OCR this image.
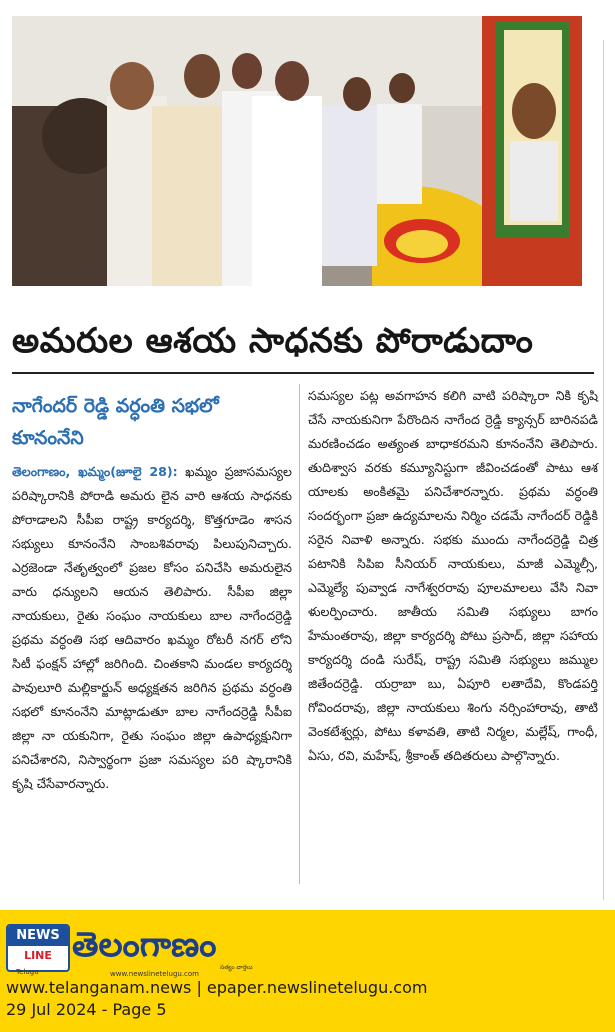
అమరుల ఆశయ సాధనకు పోరాడుదాం
నాగేందర్ రెడ్డి వర్ధంతి సభలో కూనంనేని

తెలంగాణం, ఖమ్మం(జూలై 28): ఖమ్మం ప్రజాసమస్యల పరిష్కారానికి పోరాడి అమరు లైన వారి ఆశయ సాధనకు పోరాడాలని సీపీఐ రాష్ట్ర కార్యదర్శి, కొత్తగూడెం శాసన సభ్యులు కూనంనేని సాంబశివరావు పిలుపునిచ్చారు. ఎర్రజెండా నేతృత్వంలో ప్రజల కోసం పనిచేసి అమరులైన వారు ధన్యులని ఆయన తెలిపారు. సీపీఐ జిల్లా నాయకులు, రైతు సంఘం నాయకులు బాల నాగేందర్రెడ్డి ప్రథమ వర్ధంతి సభ ఆదివారం ఖమ్మం రోటరీ నగర్ లోని సిటీ ఫంక్షన్ హాల్లో జరిగింది. చింతకాని మండల కార్యదర్శి పావులూరి మల్లికార్జున్ అధ్యక్షతన జరిగిన ప్రథమ వర్ధంతి సభలో కూనంనేని మాట్లాడుతూ బాల నాగేందర్రెడ్డి సీపీఐ జిల్లా నా యకునిగా, రైతు సంఘం జిల్లా ఉపాధ్యక్షునిగా పనిచేశారని, నిస్వార్థంగా ప్రజా సమస్యల పరి ష్కారానికి కృషి చేసేవారన్నారు.

సమస్యల పట్ల అవగాహన కలిగి వాటి పరిష్కారా నికి కృషి చేసే నాయకునిగా పేరొందిన నాగేంద ర్రెడ్డి క్యాన్సర్ బారినపడి మరణించడం అత్యంత బాధాకరమని కూనంనేని తెలిపారు. తుదిశ్వాస వరకు కమ్యూనిస్టుగా జీవించడంతో పాటు ఆశ యాలకు అంకితమై పనిచేశారన్నారు. ప్రథమ వర్ధంతి సందర్భంగా ప్రజా ఉద్యమాలను నిర్మిం చడమే నాగేందర్ రెడ్డికి సరైన నివాళి అన్నారు. సభకు ముందు నాగేందర్రెడ్డి చిత్ర పటానికి సిపిఐ సీనియర్ నాయకులు, మాజీ ఎమ్మెల్సీ, ఎమ్మెల్యే పువ్వాడ నాగేశ్వరరావు పూలమాలలు వేసి నివా ళులర్పించారు. జాతీయ సమితి సభ్యులు బాగం హేమంతరావు, జిల్లా కార్యదర్శి పోటు ప్రసాద్, జిల్లా సహాయ కార్యదర్శి దండి సురేష్, రాష్ట్ర సమితి సభ్యులు జమ్ముల జితేందర్రెడ్డి. యర్రాబా బు, ఏపూరి లతాదేవి, కొండపర్తి గోవిందరావు, జిల్లా నాయకులు శింగు నర్సింహారావు, తాటి వెంకటేశ్వర్లు, పోటు కళావతి, తాటి నిర్మల, మల్లేష్, గాంధీ, ఏసు, రవి, మహేష్, శ్రీకాంత్ తదితరులు పాల్గొన్నారు.

NEWS
LINE
Telugu
తెలంగాణం
సత్యం వార్తలు
www.newslinetelugu.com
www.telanganam.news | epaper.newslinetelugu.com
29 Jul 2024 - Page 5
